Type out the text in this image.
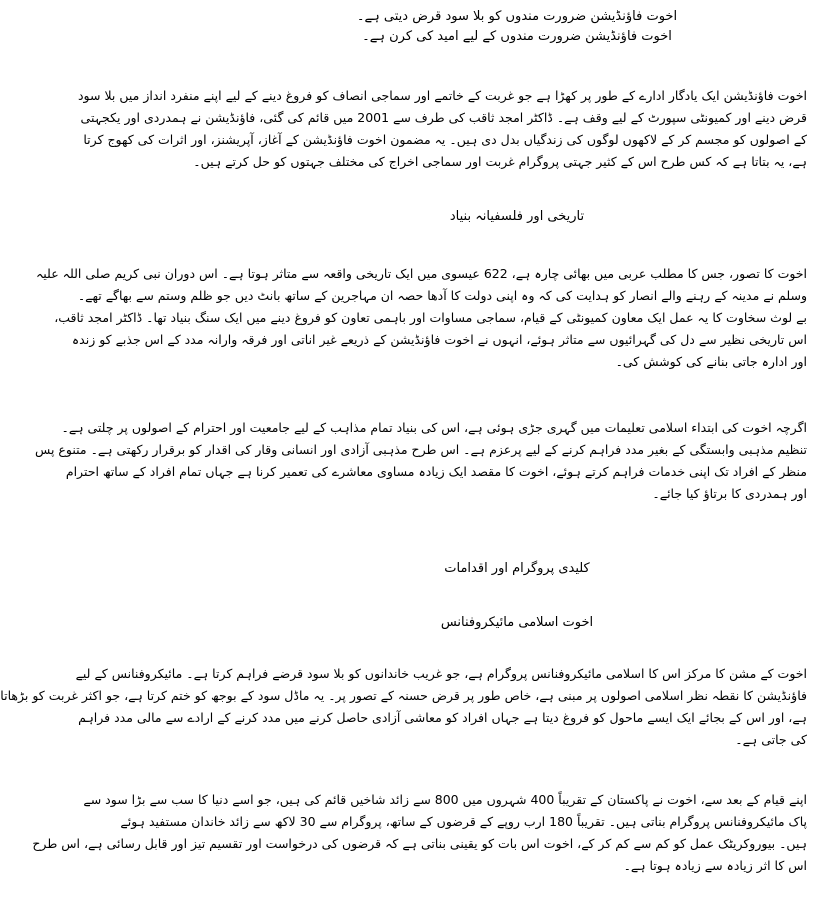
اخوت فاؤنڈیشن ضرورت مندوں کو بلا سود قرض دیتی ہے۔
اخوت فاؤنڈیشن ضرورت مندوں کے لیے امید کی کرن ہے۔
اخوت فاؤنڈیشن ایک یادگار ادارے کے طور پر کھڑا ہے جو غربت کے خاتمے اور سماجی انصاف کو فروغ دینے کے لیے اپنے منفرد انداز میں بلا سود
قرض دینے اور کمیونٹی سپورٹ کے لیے وقف ہے۔ ڈاکٹر امجد ثاقب کی طرف سے 2001 میں قائم کی گئی، فاؤنڈیشن نے ہمدردی اور یکجہتی
کے اصولوں کو مجسم کر کے لاکھوں لوگوں کی زندگیاں بدل دی ہیں۔ یہ مضمون اخوت فاؤنڈیشن کے آغاز، آپریشنز، اور اثرات کی کھوج کرتا
ہے، یہ بتاتا ہے کہ کس طرح اس کے کثیر جہتی پروگرام غربت اور سماجی اخراج کی مختلف جہتوں کو حل کرتے ہیں۔
تاریخی اور فلسفیانہ بنیاد
اخوت کا تصور، جس کا مطلب عربی میں بھائی چارہ ہے، 622 عیسوی میں ایک تاریخی واقعہ سے متاثر ہوتا ہے۔ اس دوران نبی کریم صلی اللہ علیہ
وسلم نے مدینہ کے رہنے والے انصار کو ہدایت کی کہ وہ اپنی دولت کا آدھا حصہ ان مہاجرین کے ساتھ بانٹ دیں جو ظلم وستم سے بھاگے تھے۔
بے لوث سخاوت کا یہ عمل ایک معاون کمیونٹی کے قیام، سماجی مساوات اور باہمی تعاون کو فروغ دینے میں ایک سنگ بنیاد تھا۔ ڈاکٹر امجد ثاقب،
اس تاریخی نظیر سے دل کی گہرائیوں سے متاثر ہوئے، انہوں نے اخوت فاؤنڈیشن کے ذریعے غیر اناتی اور فرقہ وارانہ مدد کے اس جذبے کو زندہ
اور ادارہ جاتی بنانے کی کوشش کی۔
اگرچہ اخوت کی ابتداء اسلامی تعلیمات میں گہری جڑی ہوئی ہے، اس کی بنیاد تمام مذاہب کے لیے جامعیت اور احترام کے اصولوں پر چلتی ہے۔
تنظیم مذہبی وابستگی کے بغیر مدد فراہم کرنے کے لیے پرعزم ہے۔ اس طرح مذہبی آزادی اور انسانی وقار کی اقدار کو برقرار رکھتی ہے۔ متنوع پس
منظر کے افراد تک اپنی خدمات فراہم کرتے ہوئے، اخوت کا مقصد ایک زیادہ مساوی معاشرے کی تعمیر کرنا ہے جہاں تمام افراد کے ساتھ احترام
اور ہمدردی کا برتاؤ کیا جائے۔
کلیدی پروگرام اور اقدامات
اخوت اسلامی مائیکروفنانس
اخوت کے مشن کا مرکز اس کا اسلامی مائیکروفنانس پروگرام ہے، جو غریب خاندانوں کو بلا سود قرضے فراہم کرتا ہے۔ مائیکروفنانس کے لیے
فاؤنڈیشن کا نقطہ نظر اسلامی اصولوں پر مبنی ہے، خاص طور پر قرض حسنہ کے تصور پر۔ یہ ماڈل سود کے بوجھ کو ختم کرتا ہے، جو اکثر غربت کو بڑھاتا
ہے، اور اس کے بجائے ایک ایسے ماحول کو فروغ دیتا ہے جہاں افراد کو معاشی آزادی حاصل کرنے میں مدد کرنے کے ارادے سے مالی مدد فراہم
کی جاتی ہے۔
اپنے قیام کے بعد سے، اخوت نے پاکستان کے تقریباً 400 شہروں میں 800 سے زائد شاخیں قائم کی ہیں، جو اسے دنیا کا سب سے بڑا سود سے
پاک مائیکروفنانس پروگرام بناتی ہیں۔ تقریباً 180 ارب روپے کے قرضوں کے ساتھ، پروگرام سے 30 لاکھ سے زائد خاندان مستفید ہوئے
ہیں۔ بیوروکریٹک عمل کو کم سے کم کر کے، اخوت اس بات کو یقینی بناتی ہے کہ قرضوں کی درخواست اور تقسیم تیز اور قابل رسائی ہے، اس طرح
اس کا اثر زیادہ سے زیادہ ہوتا ہے۔
